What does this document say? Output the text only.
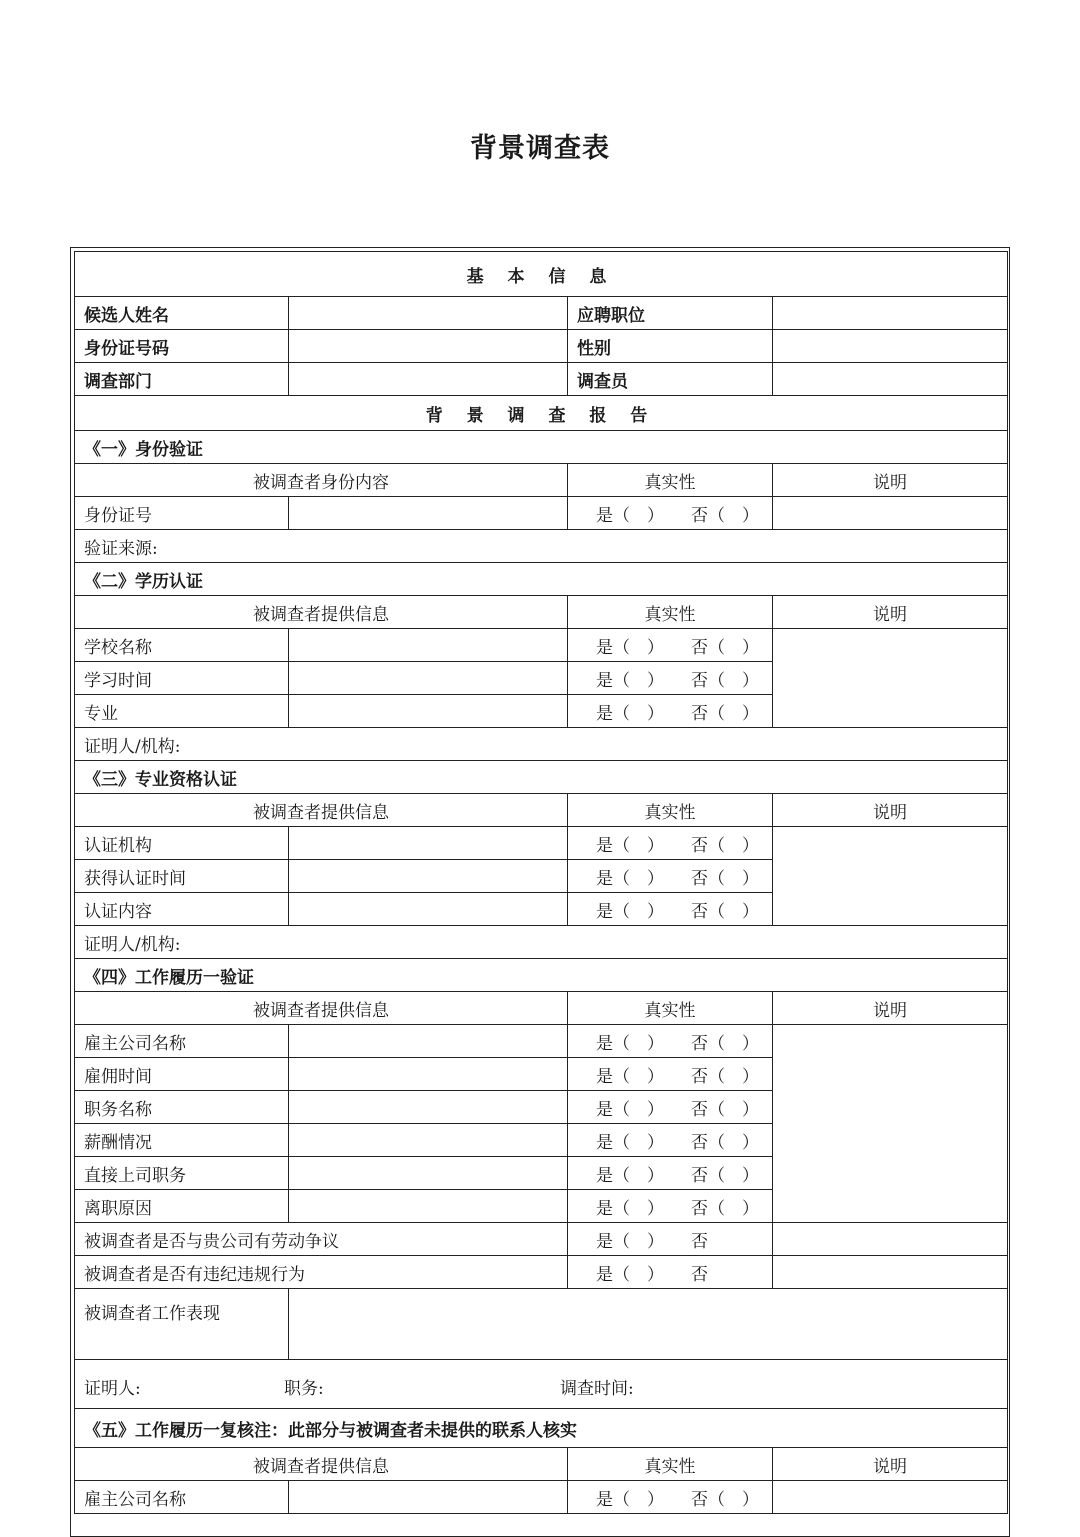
背景调查表
基 本 信 息			
候选人姓名		应聘职位	
身份证号码		性别	
调查部门		调查员	
背 景 调 查 报 告			
《一》身份验证			
被调查者身份内容		真实性	说明
身份证号		是（　） 否（　）	
验证来源:			
《二》学历认证			
被调查者提供信息		真实性	说明
学校名称		是（　） 否（　）	
学习时间		是（　） 否（　）	
专业		是（　） 否（　）	
证明人/机构:			
《三》专业资格认证			
被调查者提供信息		真实性	说明
认证机构		是（　） 否（　）	
获得认证时间		是（　） 否（　）	
认证内容		是（　） 否（　）	
证明人/机构:			
《四》工作履历一验证			
被调查者提供信息		真实性	说明
雇主公司名称		是（　） 否（　）	
雇佣时间		是（　） 否（　）	
职务名称		是（　） 否（　）	
薪酬情况		是（　） 否（　）	
直接上司职务		是（　） 否（　）	
离职原因		是（　） 否（　）	
被调查者是否与贵公司有劳动争议		是（　） 否	
被调查者是否有违纪违规行为		是（　） 否	
被调查者工作表现			

证明人: 职务: 调查时间:			

《五》工作履历一复核注：此部分与被调查者未提供的联系人核实			
被调查者提供信息		真实性	说明
雇主公司名称		是（　） 否（　）	
